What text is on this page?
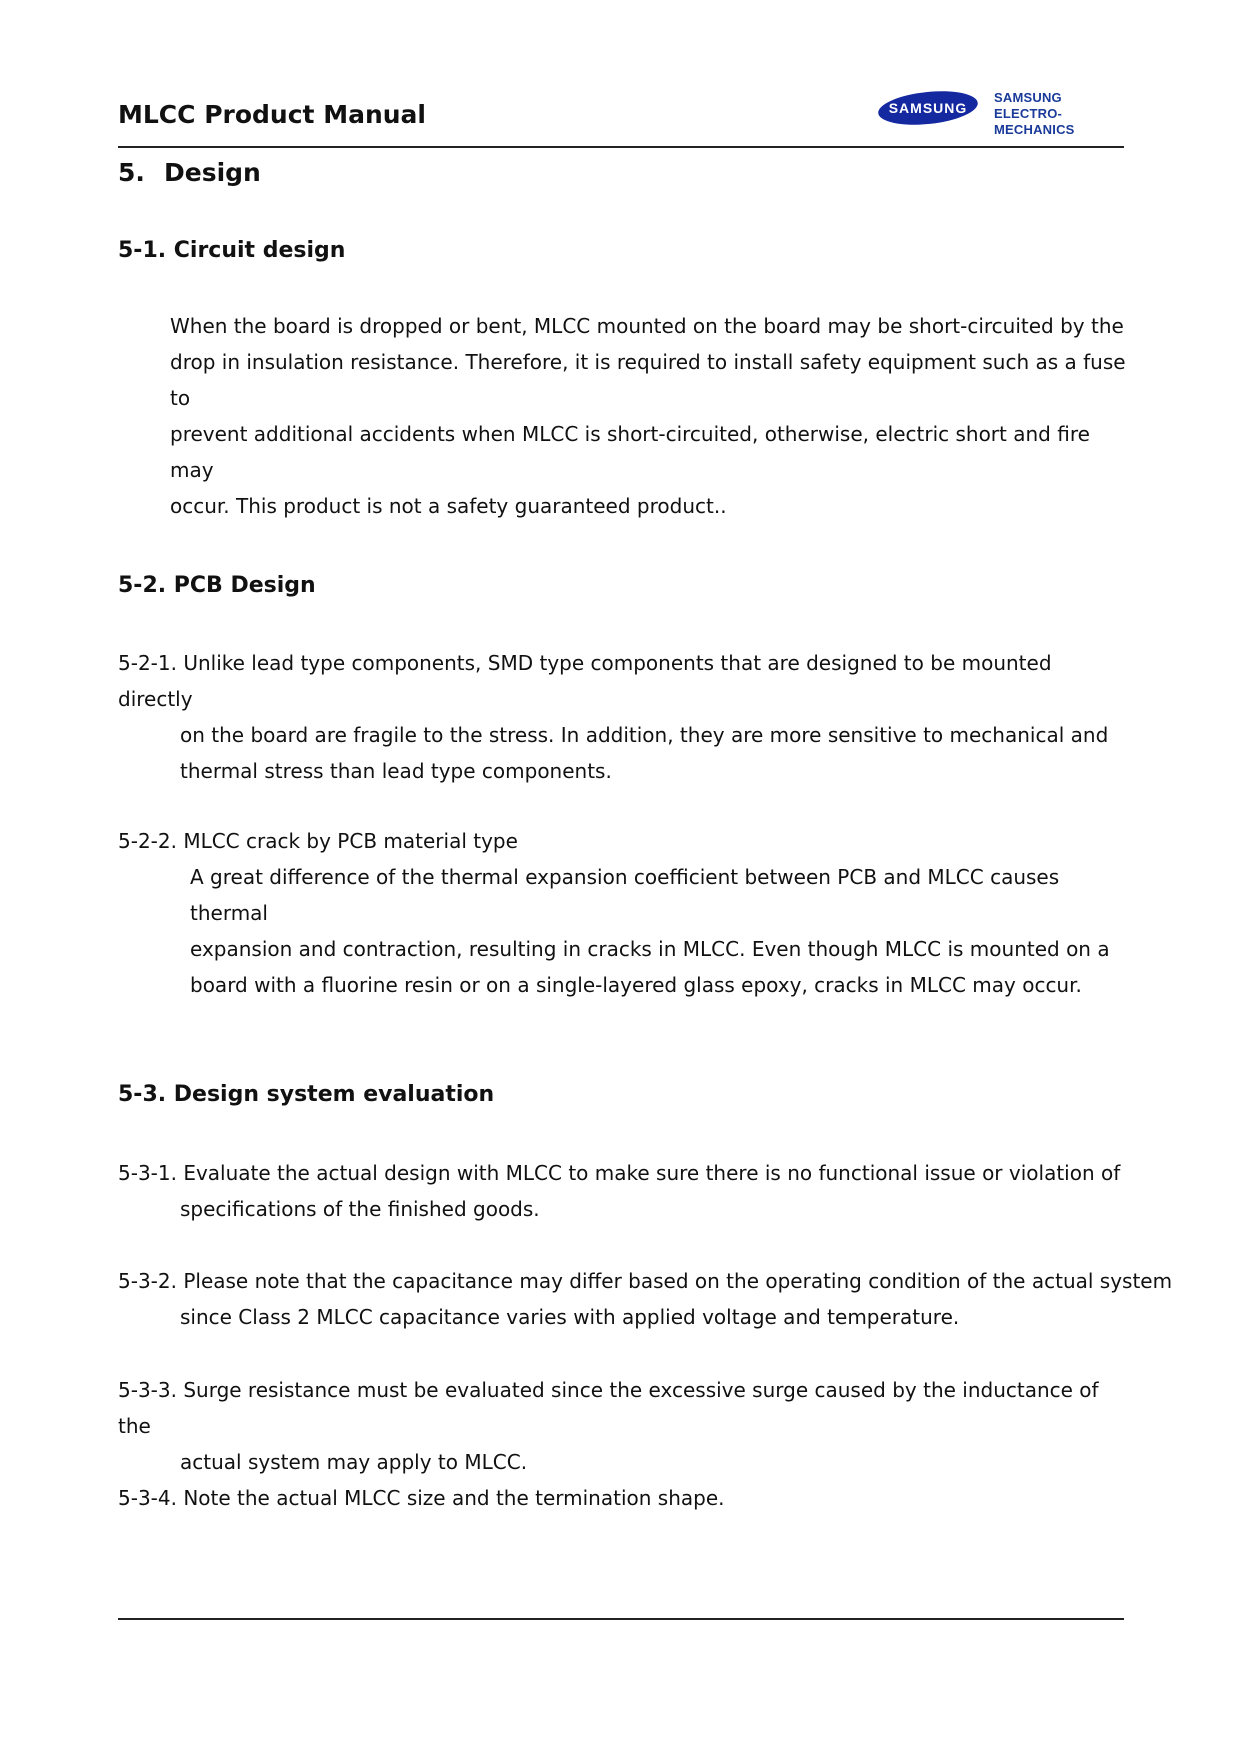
MLCC Product Manual	SAMSUNG
SAMSUNG
ELECTRO-MECHANICS
5. Design
5-1. Circuit design
When the board is dropped or bent, MLCC mounted on the board may be short-circuited by the
drop in insulation resistance. Therefore, it is required to install safety equipment such as a fuse to
prevent additional accidents when MLCC is short-circuited, otherwise, electric short and fire may
occur. This product is not a safety guaranteed product..
5-2. PCB Design
5-2-1. Unlike lead type components, SMD type components that are designed to be mounted directly
on the board are fragile to the stress. In addition, they are more sensitive to mechanical and
thermal stress than lead type components.
5-2-2. MLCC crack by PCB material type
A great difference of the thermal expansion coefficient between PCB and MLCC causes thermal
expansion and contraction, resulting in cracks in MLCC. Even though MLCC is mounted on a
board with a fluorine resin or on a single-layered glass epoxy, cracks in MLCC may occur.
5-3. Design system evaluation
5-3-1. Evaluate the actual design with MLCC to make sure there is no functional issue or violation of
specifications of the finished goods.
5-3-2. Please note that the capacitance may differ based on the operating condition of the actual system
since Class 2 MLCC capacitance varies with applied voltage and temperature.
5-3-3. Surge resistance must be evaluated since the excessive surge caused by the inductance of the
actual system may apply to MLCC.
5-3-4. Note the actual MLCC size and the termination shape.
